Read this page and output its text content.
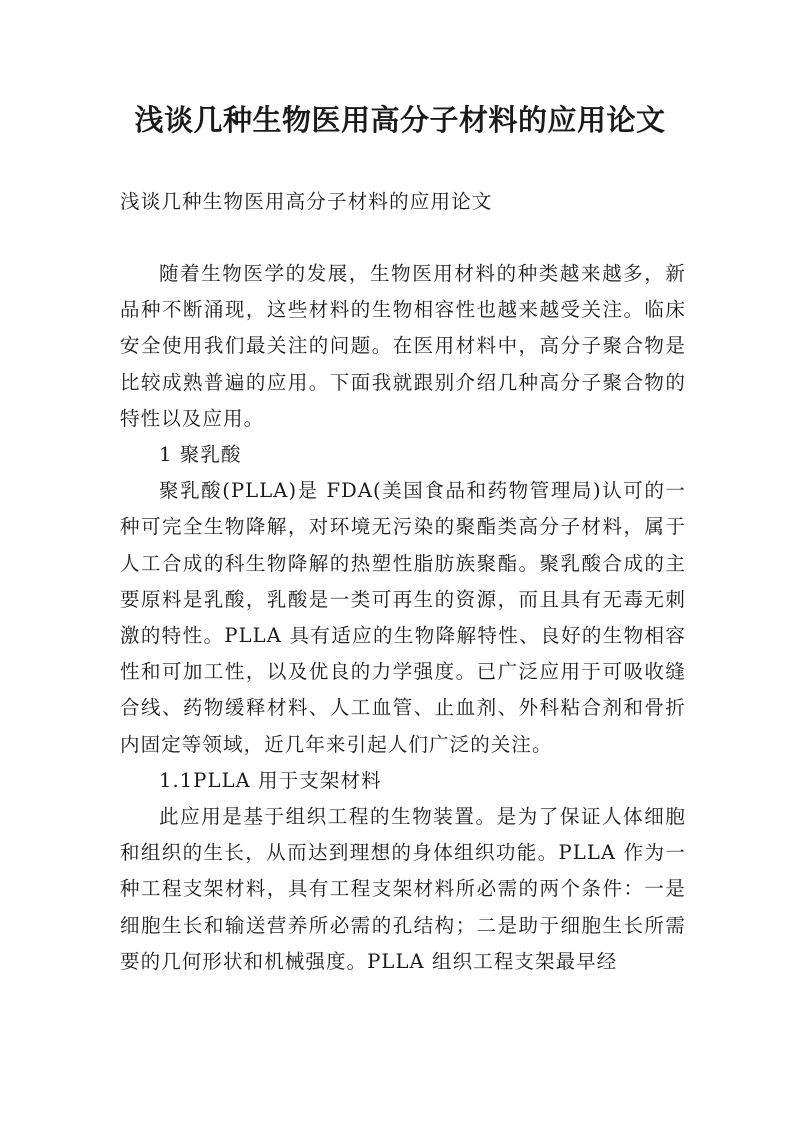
浅谈几种生物医用高分子材料的应用论文
浅谈几种生物医用高分子材料的应用论文

随着生物医学的发展，生物医用材料的种类越来越多，新品种不断涌现，这些材料的生物相容性也越来越受关注。临床安全使用我们最关注的问题。在医用材料中，高分子聚合物是比较成熟普遍的应用。下面我就跟别介绍几种高分子聚合物的特性以及应用。

1 聚乳酸

聚乳酸(PLLA)是 FDA(美国食品和药物管理局)认可的一种可完全生物降解，对环境无污染的聚酯类高分子材料，属于人工合成的科生物降解的热塑性脂肪族聚酯。聚乳酸合成的主要原料是乳酸，乳酸是一类可再生的资源，而且具有无毒无刺激的特性。PLLA 具有适应的生物降解特性、良好的生物相容性和可加工性，以及优良的力学强度。已广泛应用于可吸收缝合线、药物缓释材料、人工血管、止血剂、外科粘合剂和骨折内固定等领域，近几年来引起人们广泛的关注。

1.1PLLA 用于支架材料

此应用是基于组织工程的生物装置。是为了保证人体细胞和组织的生长，从而达到理想的身体组织功能。PLLA 作为一种工程支架材料，具有工程支架材料所必需的两个条件：一是细胞生长和输送营养所必需的孔结构；二是助于细胞生长所需要的几何形状和机械强度。PLLA 组织工程支架最早经
